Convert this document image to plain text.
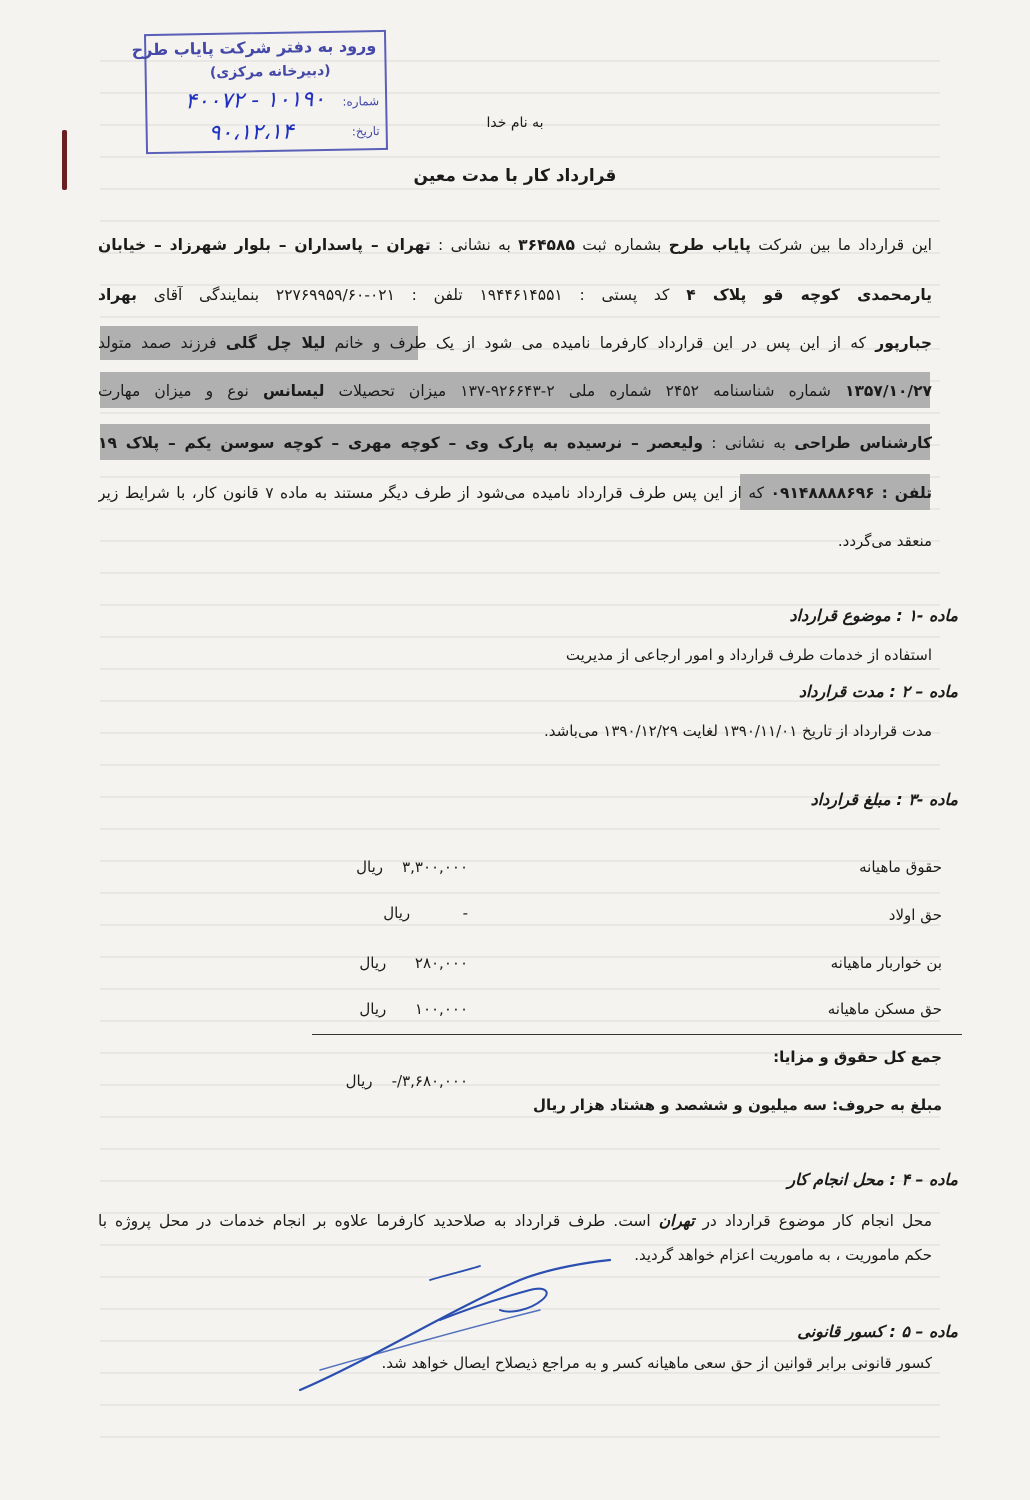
ورود به دفتر شرکت پایاب طرح
(دبیرخانه مرکزی)
شماره:
۱۰۱۹۰ - ۴۰۰۷۲
تاریخ:
۹۰،۱۲،۱۴	به نام خدا
قرارداد کار با مدت معین
این قرارداد ما بین شرکت پایاب طرح بشماره ثبت ۳۶۴۵۸۵ به نشانی : تهران – پاسداران – بلوار شهرزاد – خیابان
یارمحمدی کوچه قو پلاک ۴ کد پستی : ۱۹۴۴۶۱۴۵۵۱ تلفن : ۰۲۱-۲۲۷۶۹۹۵۹/۶۰ بنمایندگی آقای بهراد
جبارپور که از این پس در این قرارداد کارفرما نامیده می شود از یک طرف و خانم لیلا چل گلی فرزند صمد متولد
۱۳۵۷/۱۰/۲۷ شماره شناسنامه ۲۴۵۲ شماره ملی ۲-۹۲۶۶۴۳-۱۳۷ میزان تحصیلات لیسانس نوع و میزان مهارت
کارشناس طراحی به نشانی : ولیعصر – نرسیده به پارک وی – کوچه مهری – کوچه سوسن یکم – پلاک ۱۹
تلفن : ۰۹۱۴۸۸۸۸۶۹۶ که از این پس طرف قرارداد نامیده می‌شود از طرف دیگر مستند به ماده ۷ قانون کار، با شرایط زیر
منعقد می‌گردد.
ماده -۱ : موضوع قرارداد
استفاده از خدمات طرف قرارداد و امور ارجاعی از مدیریت
ماده – ۲ : مدت قرارداد
مدت قرارداد از تاریخ ۱۳۹۰/۱۱/۰۱ لغایت ۱۳۹۰/۱۲/۲۹ می‌باشد.
ماده -۳ : مبلغ قرارداد
حقوق ماهیانه
۳,۳۰۰,۰۰۰    ریال
حق اولاد
-           ریال
بن خواربار ماهیانه
۲۸۰,۰۰۰      ریال
حق مسکن ماهیانه
۱۰۰,۰۰۰      ریال
جمع کل حقوق و مزایا:
۳,۶۸۰,۰۰۰/-    ریال
مبلغ به حروف: سه میلیون و ششصد و هشتاد هزار ریال
ماده – ۴ : محل انجام کار
محل انجام کار موضوع قرارداد در تهران است. طرف قرارداد به صلاحدید کارفرما علاوه بر انجام خدمات در محل پروژه با
حکم ماموریت ، به ماموریت اعزام خواهد گردید.
ماده – ۵ : کسور قانونی
کسور قانونی برابر قوانین از حق سعی ماهیانه کسر و به مراجع ذیصلاح ایصال خواهد شد.
